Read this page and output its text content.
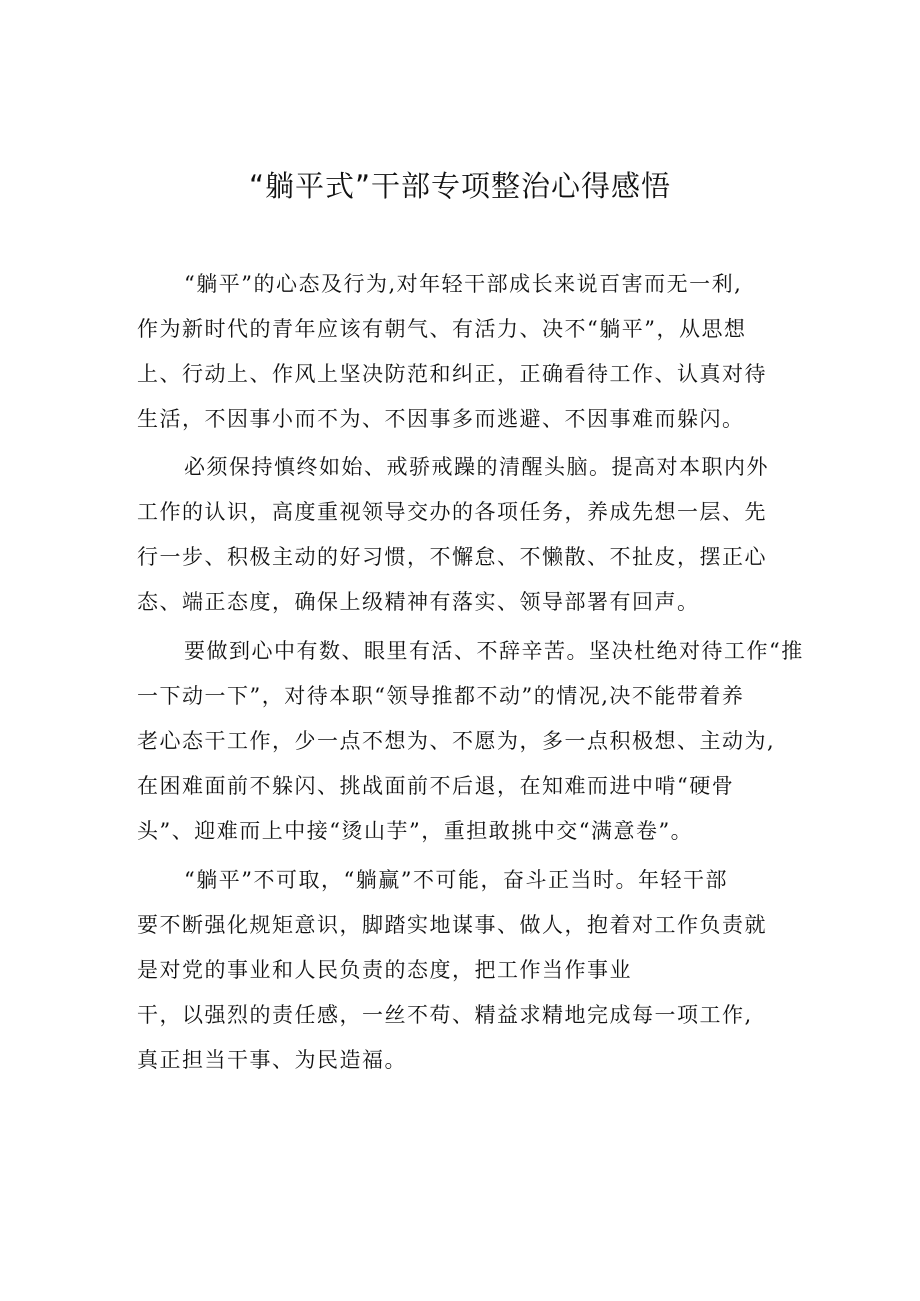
“躺平式”干部专项整治心得感悟
“躺平”的心态及行为,对年轻干部成长来说百害而无一利,
作为新时代的青年应该有朝气、有活力、决不“躺平”，从思想
上、行动上、作风上坚决防范和纠正，正确看待工作、认真对待
生活，不因事小而不为、不因事多而逃避、不因事难而躲闪。
必须保持慎终如始、戒骄戒躁的清醒头脑。提高对本职内外
工作的认识，高度重视领导交办的各项任务，养成先想一层、先
行一步、积极主动的好习惯，不懈怠、不懒散、不扯皮，摆正心
态、端正态度，确保上级精神有落实、领导部署有回声。
要做到心中有数、眼里有活、不辞辛苦。坚决杜绝对待工作“推
一下动一下”，对待本职“领导推都不动”的情况,决不能带着养
老心态干工作，少一点不想为、不愿为，多一点积极想、主动为,
在困难面前不躲闪、挑战面前不后退，在知难而进中啃“硬骨
头”、迎难而上中接“烫山芋”，重担敢挑中交“满意卷”。
“躺平”不可取，“躺赢”不可能，奋斗正当时。年轻干部
要不断强化规矩意识，脚踏实地谋事、做人，抱着对工作负责就
是对党的事业和人民负责的态度，把工作当作事业
干，以强烈的责任感，一丝不苟、精益求精地完成每一项工作,
真正担当干事、为民造福。
